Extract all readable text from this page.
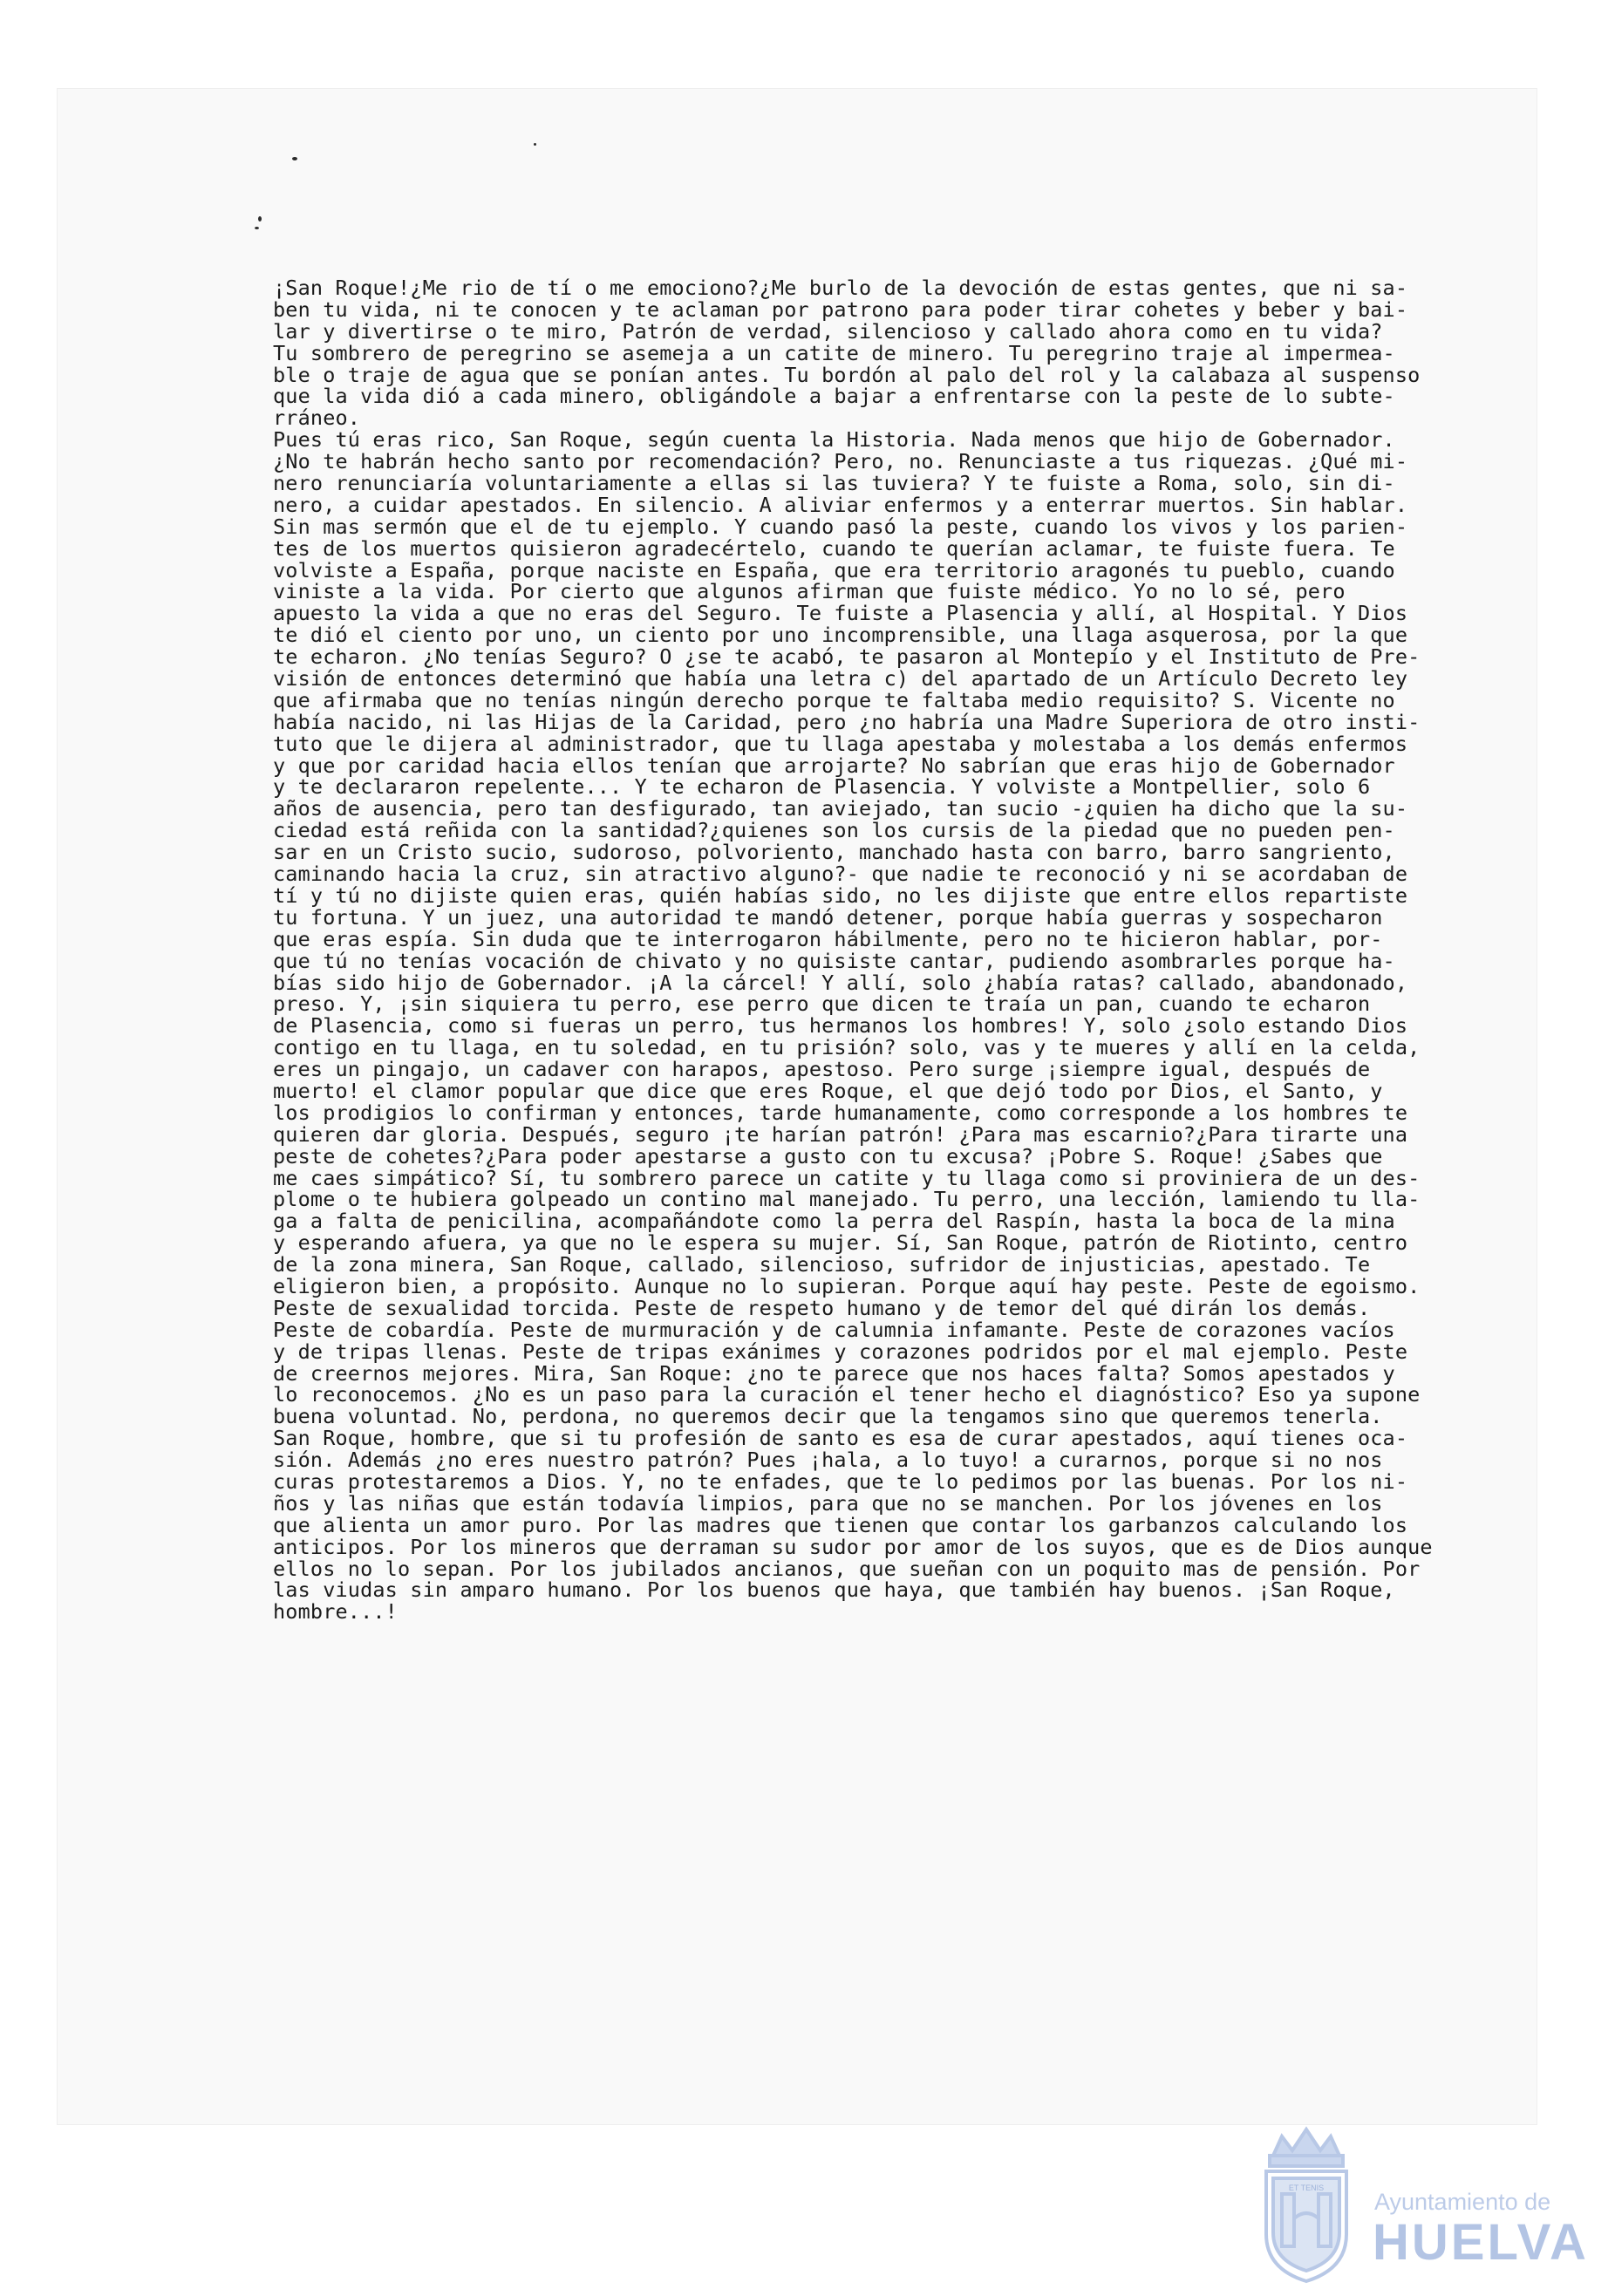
¡San Roque!¿Me rio de tí o me emociono?¿Me burlo de la devoción de estas gentes, que ni sa-
ben tu vida, ni te conocen y te aclaman por patrono para poder tirar cohetes y beber y bai-
lar y divertirse o te miro, Patrón de verdad, silencioso y callado ahora como en tu vida?
Tu sombrero de peregrino se asemeja a un catite de minero. Tu peregrino traje al impermea-
ble o traje de agua que se ponían antes. Tu bordón al palo del rol y la calabaza al suspenso
que la vida dió a cada minero, obligándole a bajar a enfrentarse con la peste de lo subte-
rráneo.
Pues tú eras rico, San Roque, según cuenta la Historia. Nada menos que hijo de Gobernador.
¿No te habrán hecho santo por recomendación? Pero, no. Renunciaste a tus riquezas. ¿Qué mi-
nero renunciaría voluntariamente a ellas si las tuviera? Y te fuiste a Roma, solo, sin di-
nero, a cuidar apestados. En silencio. A aliviar enfermos y a enterrar muertos. Sin hablar.
Sin mas sermón que el de tu ejemplo. Y cuando pasó la peste, cuando los vivos y los parien-
tes de los muertos quisieron agradecértelo, cuando te querían aclamar, te fuiste fuera. Te
volviste a España, porque naciste en España, que era territorio aragonés tu pueblo, cuando
viniste a la vida. Por cierto que algunos afirman que fuiste médico. Yo no lo sé, pero
apuesto la vida a que no eras del Seguro. Te fuiste a Plasencia y allí, al Hospital. Y Dios
te dió el ciento por uno, un ciento por uno incomprensible, una llaga asquerosa, por la que
te echaron. ¿No tenías Seguro? O ¿se te acabó, te pasaron al Montepío y el Instituto de Pre-
visión de entonces determinó que había una letra c) del apartado de un Artículo Decreto ley
que afirmaba que no tenías ningún derecho porque te faltaba medio requisito? S. Vicente no
había nacido, ni las Hijas de la Caridad, pero ¿no habría una Madre Superiora de otro insti-
tuto que le dijera al administrador, que tu llaga apestaba y molestaba a los demás enfermos
y que por caridad hacia ellos tenían que arrojarte? No sabrían que eras hijo de Gobernador
y te declararon repelente... Y te echaron de Plasencia. Y volviste a Montpellier, solo 6
años de ausencia, pero tan desfigurado, tan aviejado, tan sucio -¿quien ha dicho que la su-
ciedad está reñida con la santidad?¿quienes son los cursis de la piedad que no pueden pen-
sar en un Cristo sucio, sudoroso, polvoriento, manchado hasta con barro, barro sangriento,
caminando hacia la cruz, sin atractivo alguno?- que nadie te reconoció y ni se acordaban de
tí y tú no dijiste quien eras, quién habías sido, no les dijiste que entre ellos repartiste
tu fortuna. Y un juez, una autoridad te mandó detener, porque había guerras y sospecharon
que eras espía. Sin duda que te interrogaron hábilmente, pero no te hicieron hablar, por-
que tú no tenías vocación de chivato y no quisiste cantar, pudiendo asombrarles porque ha-
bías sido hijo de Gobernador. ¡A la cárcel! Y allí, solo ¿había ratas? callado, abandonado,
preso. Y, ¡sin siquiera tu perro, ese perro que dicen te traía un pan, cuando te echaron
de Plasencia, como si fueras un perro, tus hermanos los hombres! Y, solo ¿solo estando Dios
contigo en tu llaga, en tu soledad, en tu prisión? solo, vas y te mueres y allí en la celda,
eres un pingajo, un cadaver con harapos, apestoso. Pero surge ¡siempre igual, después de
muerto! el clamor popular que dice que eres Roque, el que dejó todo por Dios, el Santo, y
los prodigios lo confirman y entonces, tarde humanamente, como corresponde a los hombres te
quieren dar gloria. Después, seguro ¡te harían patrón! ¿Para mas escarnio?¿Para tirarte una
peste de cohetes?¿Para poder apestarse a gusto con tu excusa? ¡Pobre S. Roque! ¿Sabes que
me caes simpático? Sí, tu sombrero parece un catite y tu llaga como si proviniera de un des-
plome o te hubiera golpeado un contino mal manejado. Tu perro, una lección, lamiendo tu lla-
ga a falta de penicilina, acompañándote como la perra del Raspín, hasta la boca de la mina
y esperando afuera, ya que no le espera su mujer. Sí, San Roque, patrón de Riotinto, centro
de la zona minera, San Roque, callado, silencioso, sufridor de injusticias, apestado. Te
eligieron bien, a propósito. Aunque no lo supieran. Porque aquí hay peste. Peste de egoismo.
Peste de sexualidad torcida. Peste de respeto humano y de temor del qué dirán los demás.
Peste de cobardía. Peste de murmuración y de calumnia infamante. Peste de corazones vacíos
y de tripas llenas. Peste de tripas exánimes y corazones podridos por el mal ejemplo. Peste
de creernos mejores. Mira, San Roque: ¿no te parece que nos haces falta? Somos apestados y
lo reconocemos. ¿No es un paso para la curación el tener hecho el diagnóstico? Eso ya supone
buena voluntad. No, perdona, no queremos decir que la tengamos sino que queremos tenerla.
San Roque, hombre, que si tu profesión de santo es esa de curar apestados, aquí tienes oca-
sión. Además ¿no eres nuestro patrón? Pues ¡hala, a lo tuyo! a curarnos, porque si no nos
curas protestaremos a Dios. Y, no te enfades, que te lo pedimos por las buenas. Por los ni-
ños y las niñas que están todavía limpios, para que no se manchen. Por los jóvenes en los
que alienta un amor puro. Por las madres que tienen que contar los garbanzos calculando los
anticipos. Por los mineros que derraman su sudor por amor de los suyos, que es de Dios aunque
ellos no lo sepan. Por los jubilados ancianos, que sueñan con un poquito mas de pensión. Por
las viudas sin amparo humano. Por los buenos que haya, que también hay buenos. ¡San Roque,
hombre...!
ET TENIS
Ayuntamiento de
HUELVA
